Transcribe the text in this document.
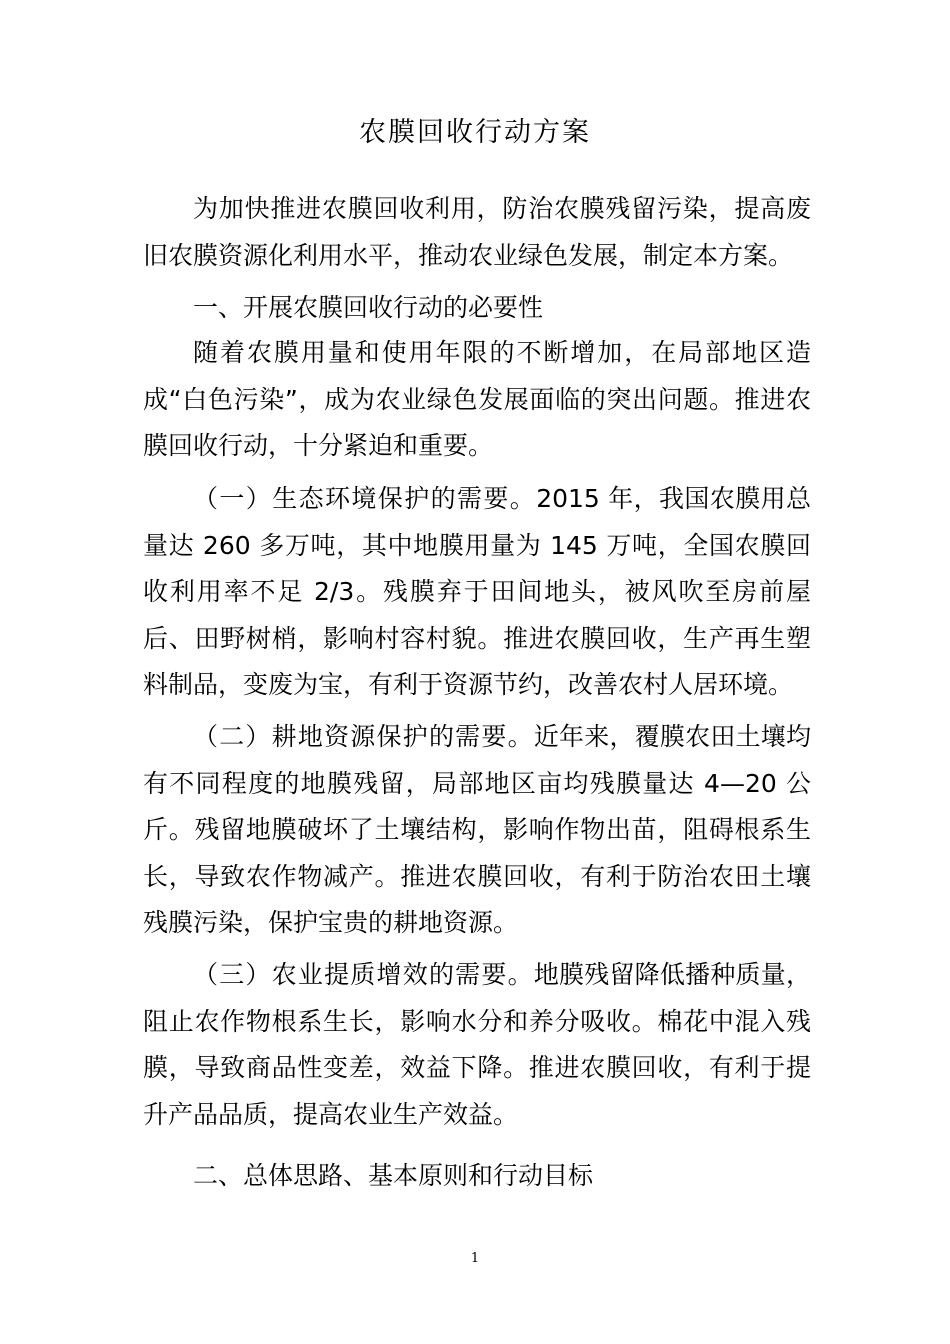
农膜回收行动方案

为加快推进农膜回收利用，防治农膜残留污染，提高废旧农膜资源化利用水平，推动农业绿色发展，制定本方案。

一、开展农膜回收行动的必要性

随着农膜用量和使用年限的不断增加，在局部地区造成“白色污染”，成为农业绿色发展面临的突出问题。推进农膜回收行动，十分紧迫和重要。

（一）生态环境保护的需要。2015 年，我国农膜用总量达 260 多万吨，其中地膜用量为 145 万吨，全国农膜回收利用率不足 2/3。残膜弃于田间地头，被风吹至房前屋后、田野树梢，影响村容村貌。推进农膜回收，生产再生塑料制品，变废为宝，有利于资源节约，改善农村人居环境。

（二）耕地资源保护的需要。近年来，覆膜农田土壤均有不同程度的地膜残留，局部地区亩均残膜量达 4—20 公斤。残留地膜破坏了土壤结构，影响作物出苗，阻碍根系生长，导致农作物减产。推进农膜回收，有利于防治农田土壤残膜污染，保护宝贵的耕地资源。

（三）农业提质增效的需要。地膜残留降低播种质量，阻止农作物根系生长，影响水分和养分吸收。棉花中混入残膜，导致商品性变差，效益下降。推进农膜回收，有利于提升产品品质，提高农业生产效益。

二、总体思路、基本原则和行动目标
1
